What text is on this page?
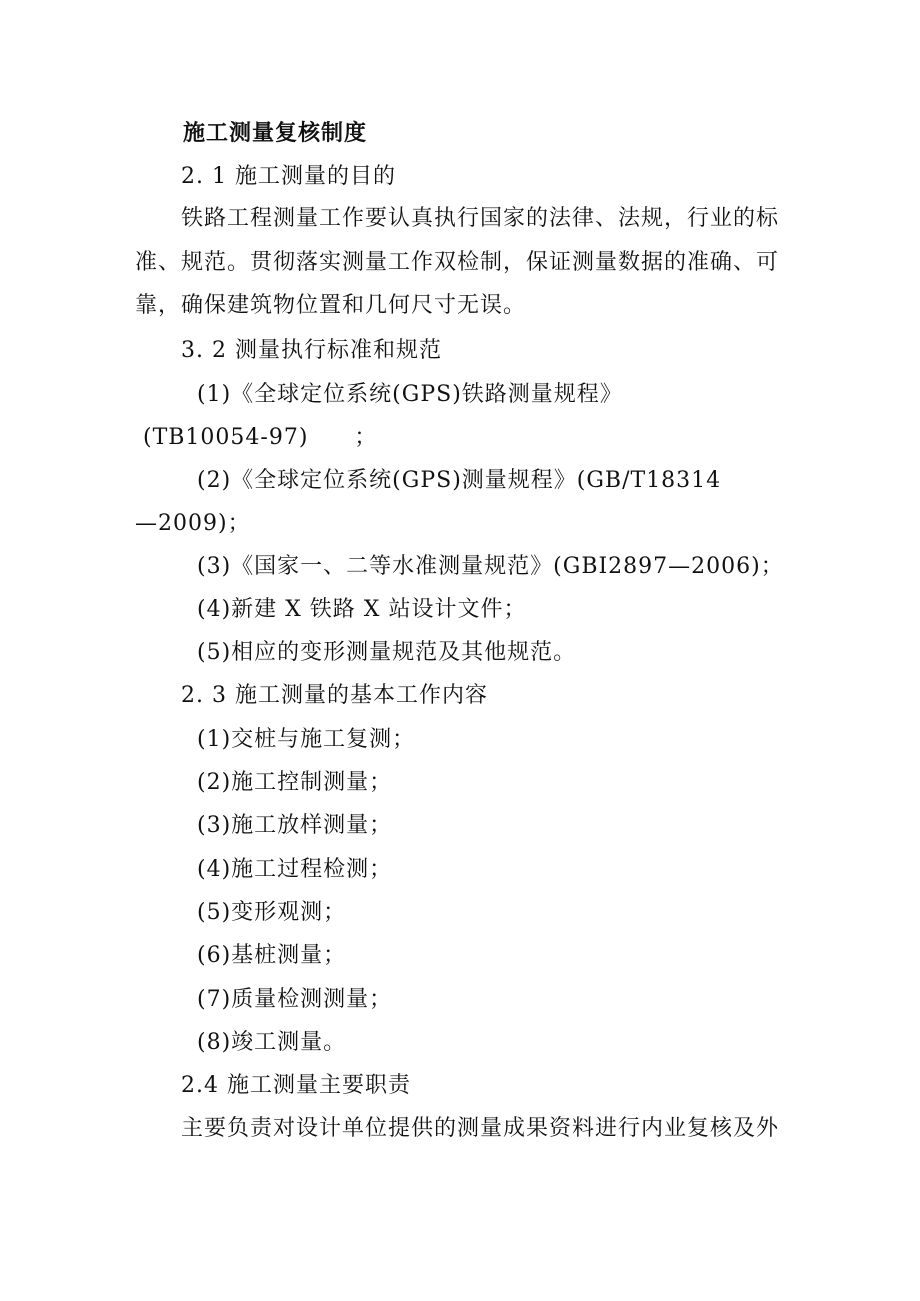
施工测量复核制度
2. 1 施工测量的目的
铁路工程测量工作要认真执行国家的法律、法规，行业的标
准、规范。贯彻落实测量工作双检制，保证测量数据的准确、可
靠，确保建筑物位置和几何尺寸无误。
3. 2 测量执行标准和规范
(1)《全球定位系统(GPS)铁路测量规程》
(TB10054-97)　　；
(2)《全球定位系统(GPS)测量规程》(GB/T18314
—2009)；
(3)《国家一、二等水准测量规范》(GBI2897—2006)；
(4)新建 X 铁路 X 站设计文件；
(5)相应的变形测量规范及其他规范。
2. 3 施工测量的基本工作内容
(1)交桩与施工复测；
(2)施工控制测量；
(3)施工放样测量；
(4)施工过程检测；
(5)变形观测；
(6)基桩测量；
(7)质量检测测量；
(8)竣工测量。
2.4 施工测量主要职责
主要负责对设计单位提供的测量成果资料进行内业复核及外
